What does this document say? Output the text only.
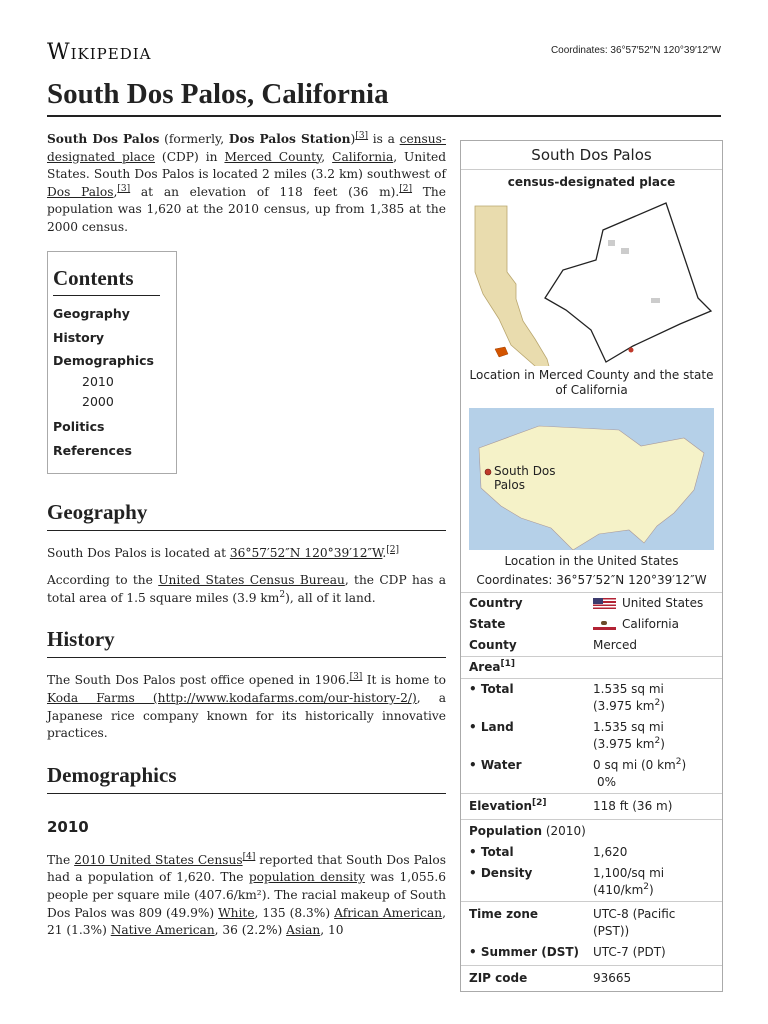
Wikipedia	Coordinates: 36°57′52″N 120°39′12″W
South Dos Palos, California

South Dos Palos (formerly, Dos Palos Station)[3] is a census-designated place (CDP) in Merced County, California, United States. South Dos Palos is located 2 miles (3.2 km) southwest of Dos Palos,[3] at an elevation of 118 feet (36 m).[2] The population was 1,620 at the 2010 census, up from 1,385 at the 2000 census.

Contents
Geography
History
Demographics
2010
2000
Politics
References
Geography

South Dos Palos is located at 36°57′52″N 120°39′12″W.[2]

According to the United States Census Bureau, the CDP has a total area of 1.5 square miles (3.9 $km^2$), all of it land.

History

The South Dos Palos post office opened in 1906.[3] It is home to Koda Farms (http://www.kodafarms.com/our-history-2/), a Japanese rice company known for its historically innovative practices.

Demographics
2010

The 2010 United States Census[4] reported that South Dos Palos had a population of 1,620. The population density was 1,055.6 people per square mile (407.6/km²). The racial makeup of South Dos Palos was 809 (49.9%) White, 135 (8.3%) African American, 21 (1.3%) Native American, 36 (2.2%) Asian, 10

South Dos Palos
census-designated place
Location in Merced County and the state of California
South Dos Palos
Location in the United States
Coordinates: 36°57′52″N 120°39′12″W
Country	United States
State	California
County	Merced
Area[1]
• Total	1.535 sq mi
(3.975 $km^2$)
• Land	1.535 sq mi
(3.975 $km^2$)
• Water	0 sq mi (0 $km^2$)
0%
Elevation[2]	118 ft (36 m)
Population (2010)
• Total	1,620
• Density	1,100/sq mi
$(410/km^2)$
Time zone	UTC-8 (Pacific (PST))
• Summer (DST)	UTC-7 (PDT)
ZIP code	93665
